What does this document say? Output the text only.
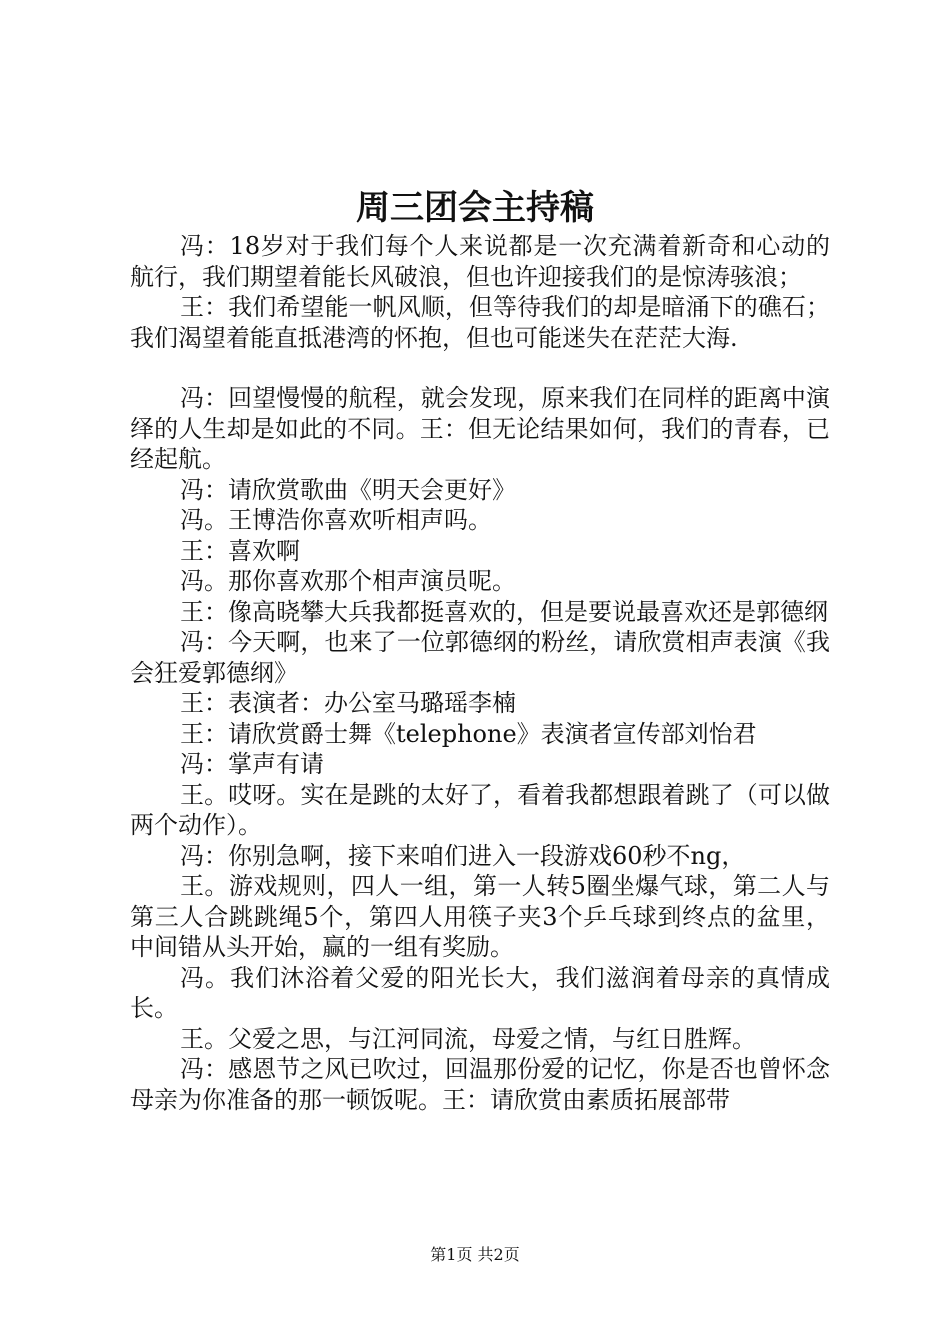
周三团会主持稿

冯：18岁对于我们每个人来说都是一次充满着新奇和心动的航行，我们期望着能长风破浪，但也许迎接我们的是惊涛骇浪；

王：我们希望能一帆风顺，但等待我们的却是暗涌下的礁石；我们渴望着能直抵港湾的怀抱，但也可能迷失在茫茫大海.

冯：回望慢慢的航程，就会发现，原来我们在同样的距离中演绎的人生却是如此的不同。王：但无论结果如何，我们的青春，已经起航。

冯：请欣赏歌曲《明天会更好》

冯。王博浩你喜欢听相声吗。

王：喜欢啊

冯。那你喜欢那个相声演员呢。

王：像高晓攀大兵我都挺喜欢的，但是要说最喜欢还是郭德纲

冯：今天啊，也来了一位郭德纲的粉丝，请欣赏相声表演《我会狂爱郭德纲》

王：表演者：办公室马璐瑶李楠

王：请欣赏爵士舞《telephone》表演者宣传部刘怡君

冯：掌声有请

王。哎呀。实在是跳的太好了，看着我都想跟着跳了（可以做两个动作）。

冯：你别急啊，接下来咱们进入一段游戏60秒不ng，

王。游戏规则，四人一组，第一人转5圈坐爆气球，第二人与第三人合跳跳绳5个，第四人用筷子夹3个乒乓球到终点的盆里，中间错从头开始，赢的一组有奖励。

冯。我们沐浴着父爱的阳光长大，我们滋润着母亲的真情成长。

王。父爱之思，与江河同流，母爱之情，与红日胜辉。

冯：感恩节之风已吹过，回温那份爱的记忆，你是否也曾怀念母亲为你准备的那一顿饭呢。王：请欣赏由素质拓展部带

第1页 共2页
